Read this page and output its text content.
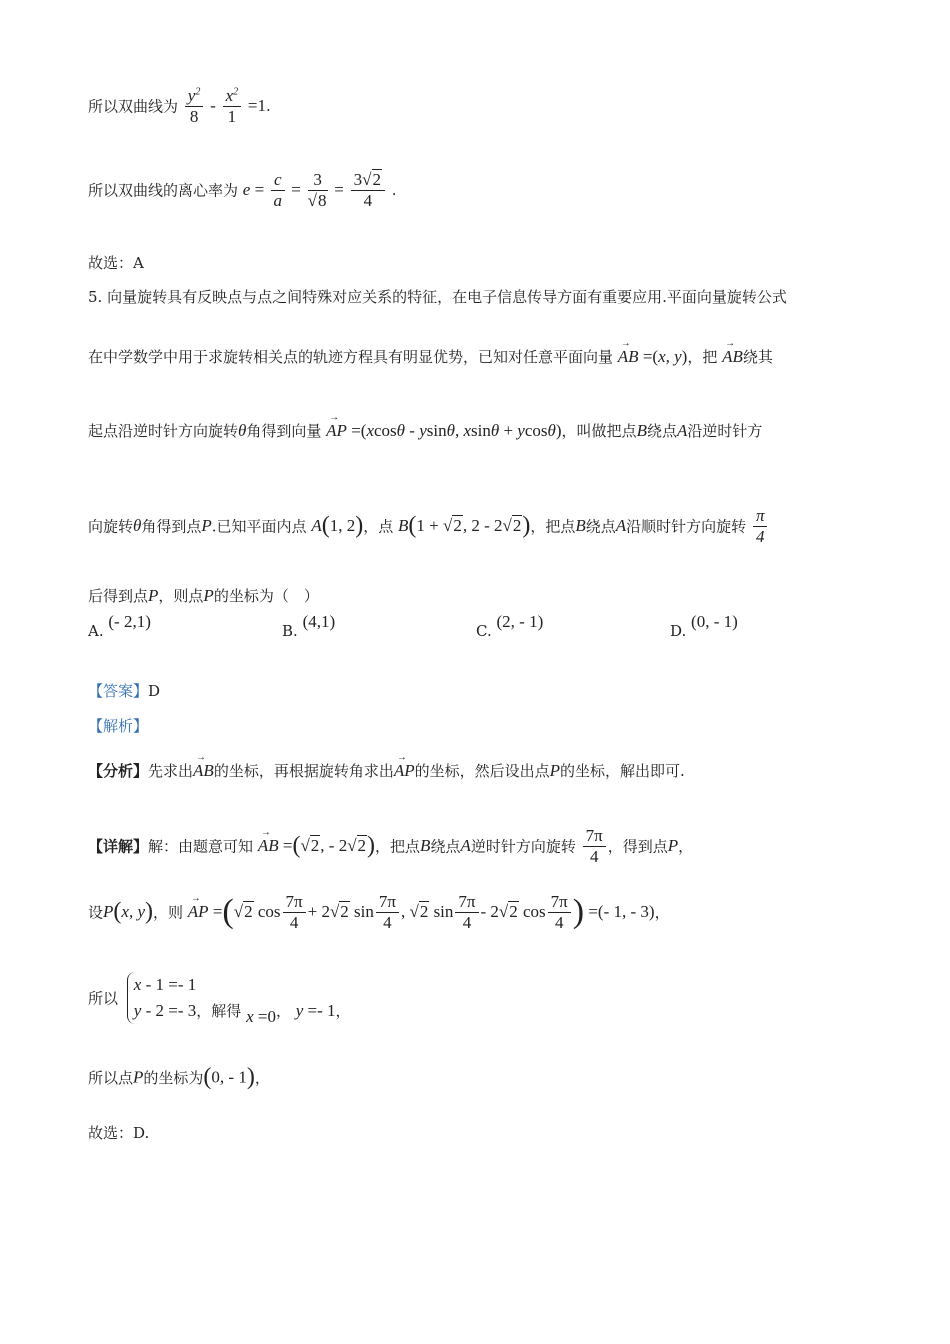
所以双曲线为 $\frac{y^2}{8} - \frac{x^2}{1} =1$.
所以双曲线的离心率为 $e = \frac{c}{a} = \frac{3}{√8} = \frac{3√2}{4}$ .
故选：A
5. 向量旋转具有反映点与点之间特殊对应关系的特征，在电子信息传导方面有重要应用.平面向量旋转公式
在中学数学中用于求旋转相关点的轨迹方程具有明显优势，已知对任意平面向量 → AB =(x, y)，把 → AB绕其
起点沿逆时针方向旋转θ角得到向量 → AP =(xcosθ - ysinθ, xsinθ + ycosθ)，叫做把点B绕点A沿逆时针方
向旋转θ角得到点P.已知平面内点 A(1, 2)，点 B(1 + √2, 2 - 2√2)，把点B绕点A沿顺时针方向旋转 $\frac{\pi}{4}$
后得到点P，则点P的坐标为（　）
A. (- 2,1)	B. (4,1)	C. (2, - 1)	D. (0, - 1)
【答案】D
【解析】
【分析】先求出→ AB的坐标，再根据旋转角求出→ AP的坐标，然后设出点P的坐标，解出即可.
【详解】解：由题意可知 → AB =(√2, - 2√2)，把点B绕点A逆时针方向旋转 $\frac{7\pi}{4}$ ，得到点P，
设P(x, y)，则 → AP =(√2 $\cos \frac{7\pi}{4} + 2√2$ $\sin \frac{7\pi}{4}$ , √2 $\sin \frac{7\pi}{4} - 2√2$ $\cos \frac{7\pi}{4}$ ) =(- 1, - 3)，
所以 x - 1 =- 1
y - 2 =- 3，解得 x =0， y =- 1，
所以点P的坐标为(0, - 1)，
故选：D.
